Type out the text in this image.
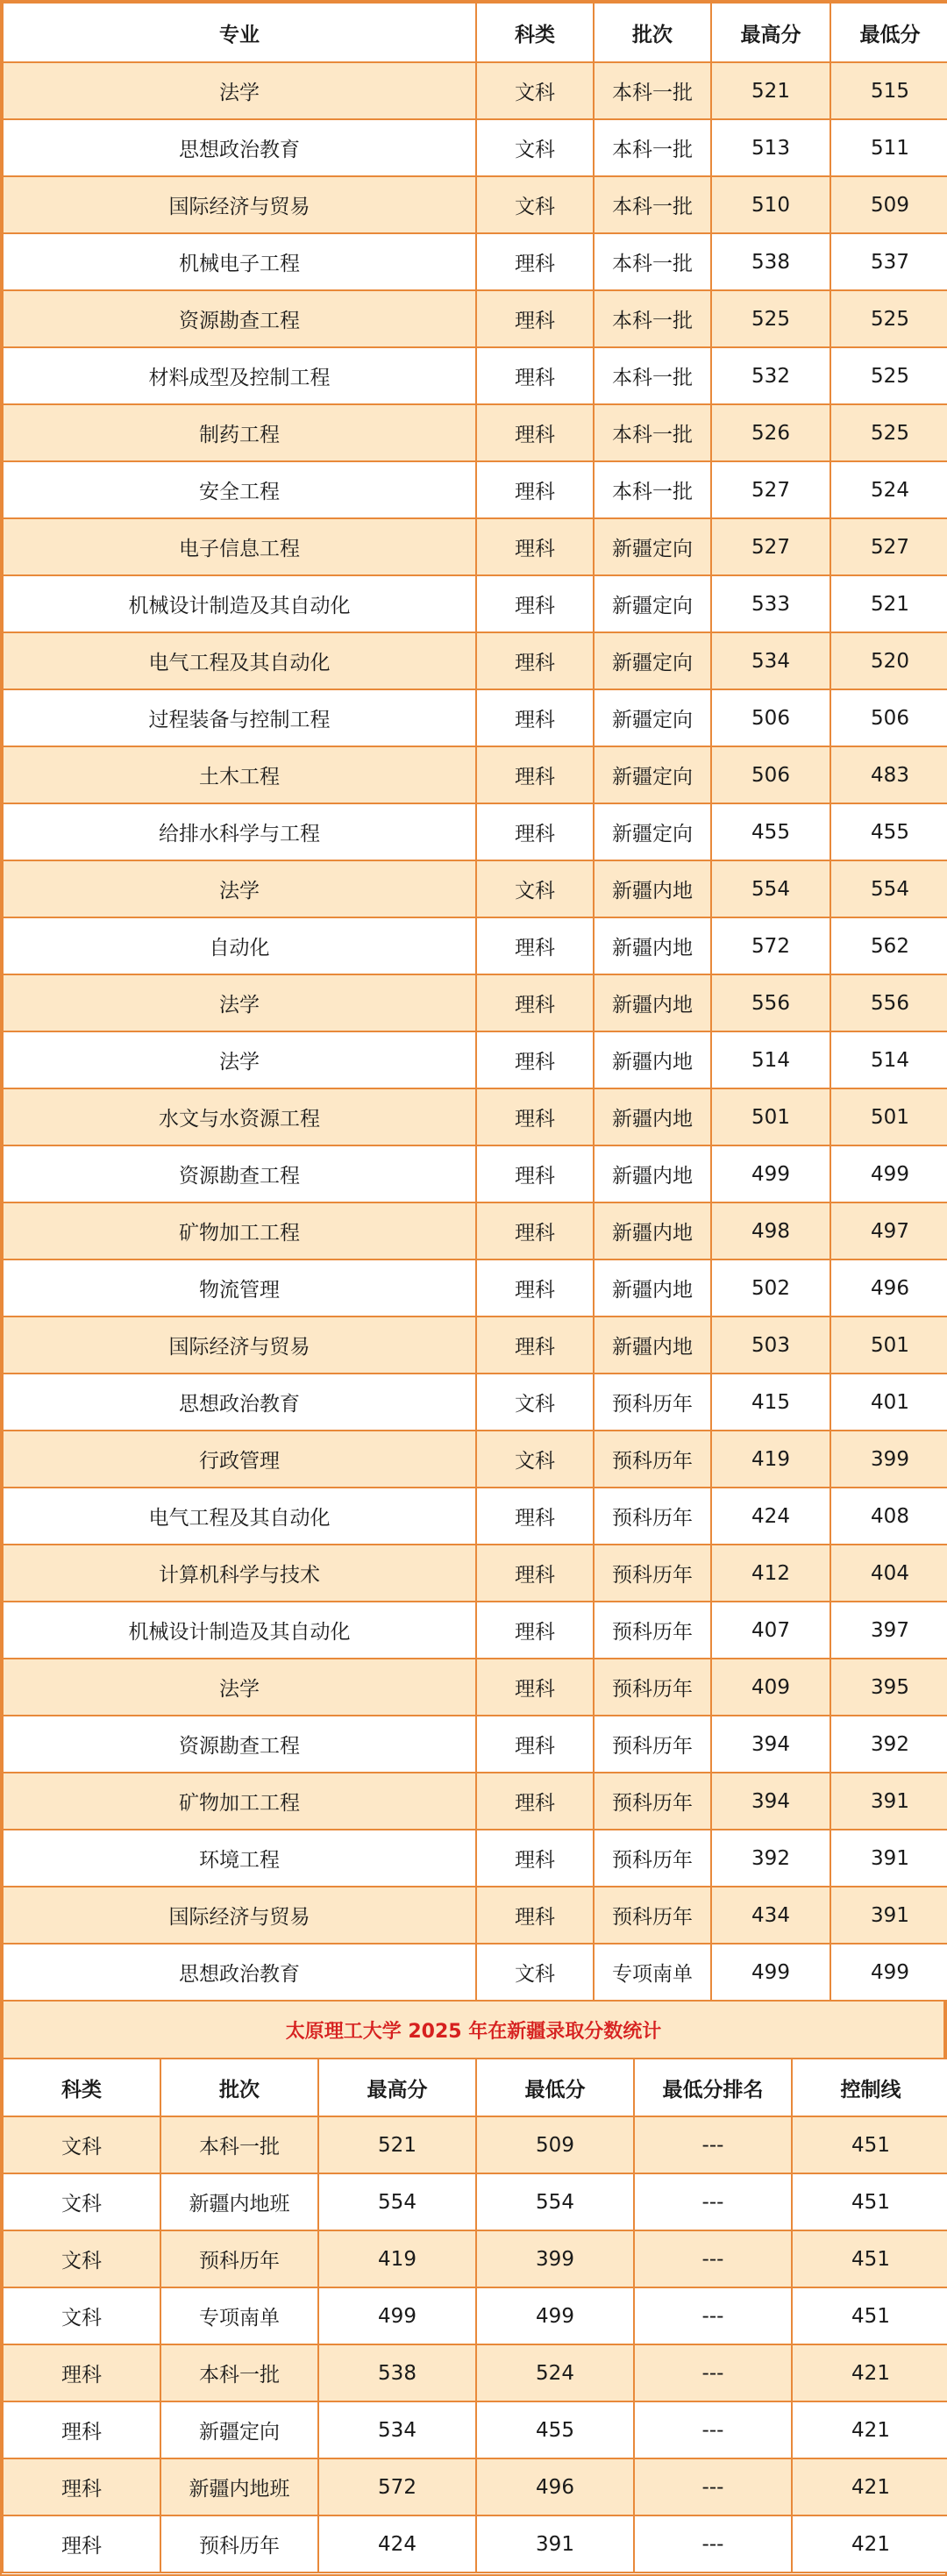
专业	科类	批次	最高分	最低分
法学	文科	本科一批	521	515
思想政治教育	文科	本科一批	513	511
国际经济与贸易	文科	本科一批	510	509
机械电子工程	理科	本科一批	538	537
资源勘查工程	理科	本科一批	525	525
材料成型及控制工程	理科	本科一批	532	525
制药工程	理科	本科一批	526	525
安全工程	理科	本科一批	527	524
电子信息工程	理科	新疆定向	527	527
机械设计制造及其自动化	理科	新疆定向	533	521
电气工程及其自动化	理科	新疆定向	534	520
过程装备与控制工程	理科	新疆定向	506	506
土木工程	理科	新疆定向	506	483
给排水科学与工程	理科	新疆定向	455	455
法学	文科	新疆内地	554	554
自动化	理科	新疆内地	572	562
法学	理科	新疆内地	556	556
法学	理科	新疆内地	514	514
水文与水资源工程	理科	新疆内地	501	501
资源勘查工程	理科	新疆内地	499	499
矿物加工工程	理科	新疆内地	498	497
物流管理	理科	新疆内地	502	496
国际经济与贸易	理科	新疆内地	503	501
思想政治教育	文科	预科历年	415	401
行政管理	文科	预科历年	419	399
电气工程及其自动化	理科	预科历年	424	408
计算机科学与技术	理科	预科历年	412	404
机械设计制造及其自动化	理科	预科历年	407	397
法学	理科	预科历年	409	395
资源勘查工程	理科	预科历年	394	392
矿物加工工程	理科	预科历年	394	391
环境工程	理科	预科历年	392	391
国际经济与贸易	理科	预科历年	434	391
思想政治教育	文科	专项南单	499	499
太原理工大学 2025 年在新疆录取分数统计
科类	批次	最高分	最低分	最低分排名	控制线
文科	本科一批	521	509	---	451
文科	新疆内地班	554	554	---	451
文科	预科历年	419	399	---	451
文科	专项南单	499	499	---	451
理科	本科一批	538	524	---	421
理科	新疆定向	534	455	---	421
理科	新疆内地班	572	496	---	421
理科	预科历年	424	391	---	421
